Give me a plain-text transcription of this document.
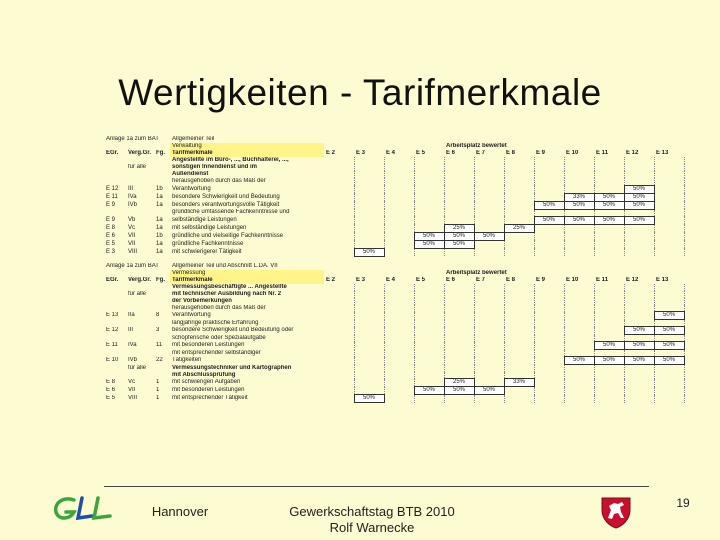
Wertigkeiten - Tarifmerkmale
Anlage 1a zum BAT			Allgemeiner Teil												
			Verwaltung					Arbeitsplatz bewertet							
EGr.	Verg.Gr.	Fg.	Tarifmerkmale	E 2	E 3	E 4	E 5	E 6	E 7	E 8	E 9	E 10	E 11	E 12	E 13
			Angestellte im Büro-, ..., Buchhalterei, ...,												
	für alle		sonstigen Innendienst und im												
			Außendienst												
			herausgehoben durch das Maß der												
E 12	III	1b	Verantwortung											50%	
E 11	IVa	1a	besondere Schwierigkeit und Bedeutung									33%	50%	50%	
E 9	IVb	1a	besonders verantwortungsvolle Tätigkeit								50%	50%	50%	50%	
			gründliche umfassende Fachkenntnisse und												
E 9	Vb	1a	selbständige Leistungen								50%	50%	50%	50%	
E 8	Vc	1a	mit selbständige Leistungen					25%		25%					
E 6	VII	1b	gründliche und vielseitige Fachkenntnisse				50%	50%	50%						
E 5	VII	1a	gründliche Fachkenntnisse				50%	50%							
E 3	VIII	1a	mit schwierigerer Tätigkeit		50%										
Anlage 1a zum BAT			Allgemeiner Teil und Abschnitt L.DA. VII												
			Vermessung					Arbeitsplatz bewertet							
EGr.	Verg.Gr.	Fg.	Tarifmerkmale	E 2	E 3	E 4	E 5	E 6	E 7	E 8	E 9	E 10	E 11	E 12	E 13
			Vermessungsbeschäftigte ... Angestellte												
	für alle		mit technischer Ausbildung nach Nr. 2												
			der Vorbemerkungen												
			herausgehoben durch das Maß der												
E 13	IIa	8	Verantwortung												50%
			langjährige praktische Erfahrung												
E 12	III	3	besondere Schwierigkeit und Bedeutung oder											50%	50%
			schöpferische oder Spezialaufgabe												
E 11	IVa	11	mit besonderen Leistungen										50%	50%	50%
			mit entsprechender selbständiger												
E 10	IVb	22	Tätigkeiten									50%	50%	50%	50%
	für alle		Vermessungstechniker und Kartographen												
			mit Abschlussprüfung												
E 8	Vc	1	mit schwierigen Aufgaben					25%		33%					
E 6	VII	1	mit besonderen Leistungen				50%	50%	50%						
E 5	VIII	1	mit entsprechender Tätigkeit		50%										
Hannover	Gewerkschaftstag BTB 2010
Rolf Warnecke
19
